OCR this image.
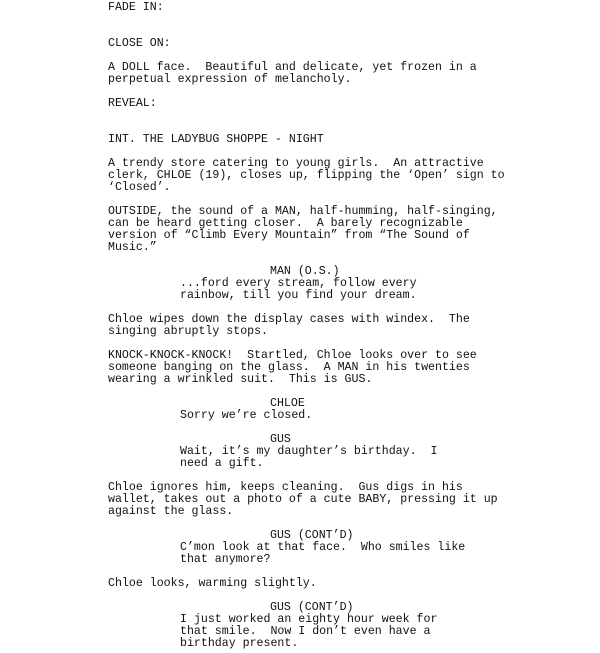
FADE IN:
CLOSE ON:
A DOLL face.  Beautiful and delicate, yet frozen in a
perpetual expression of melancholy.
REVEAL:
INT. THE LADYBUG SHOPPE - NIGHT
A trendy store catering to young girls.  An attractive
clerk, CHLOE (19), closes up, flipping the ‘Open’ sign to
‘Closed’.
OUTSIDE, the sound of a MAN, half-humming, half-singing,
can be heard getting closer.  A barely recognizable
version of “Climb Every Mountain” from “The Sound of
Music.”
MAN (O.S.)
...ford every stream, follow every
rainbow, till you find your dream.
Chloe wipes down the display cases with windex.  The
singing abruptly stops.
KNOCK-KNOCK-KNOCK!  Startled, Chloe looks over to see
someone banging on the glass.  A MAN in his twenties
wearing a wrinkled suit.  This is GUS.
CHLOE
Sorry we’re closed.
GUS
Wait, it’s my daughter’s birthday.  I
need a gift.
Chloe ignores him, keeps cleaning.  Gus digs in his
wallet, takes out a photo of a cute BABY, pressing it up
against the glass.
GUS (CONT’D)
C’mon look at that face.  Who smiles like
that anymore?
Chloe looks, warming slightly.
GUS (CONT’D)
I just worked an eighty hour week for
that smile.  Now I don’t even have a
birthday present.
